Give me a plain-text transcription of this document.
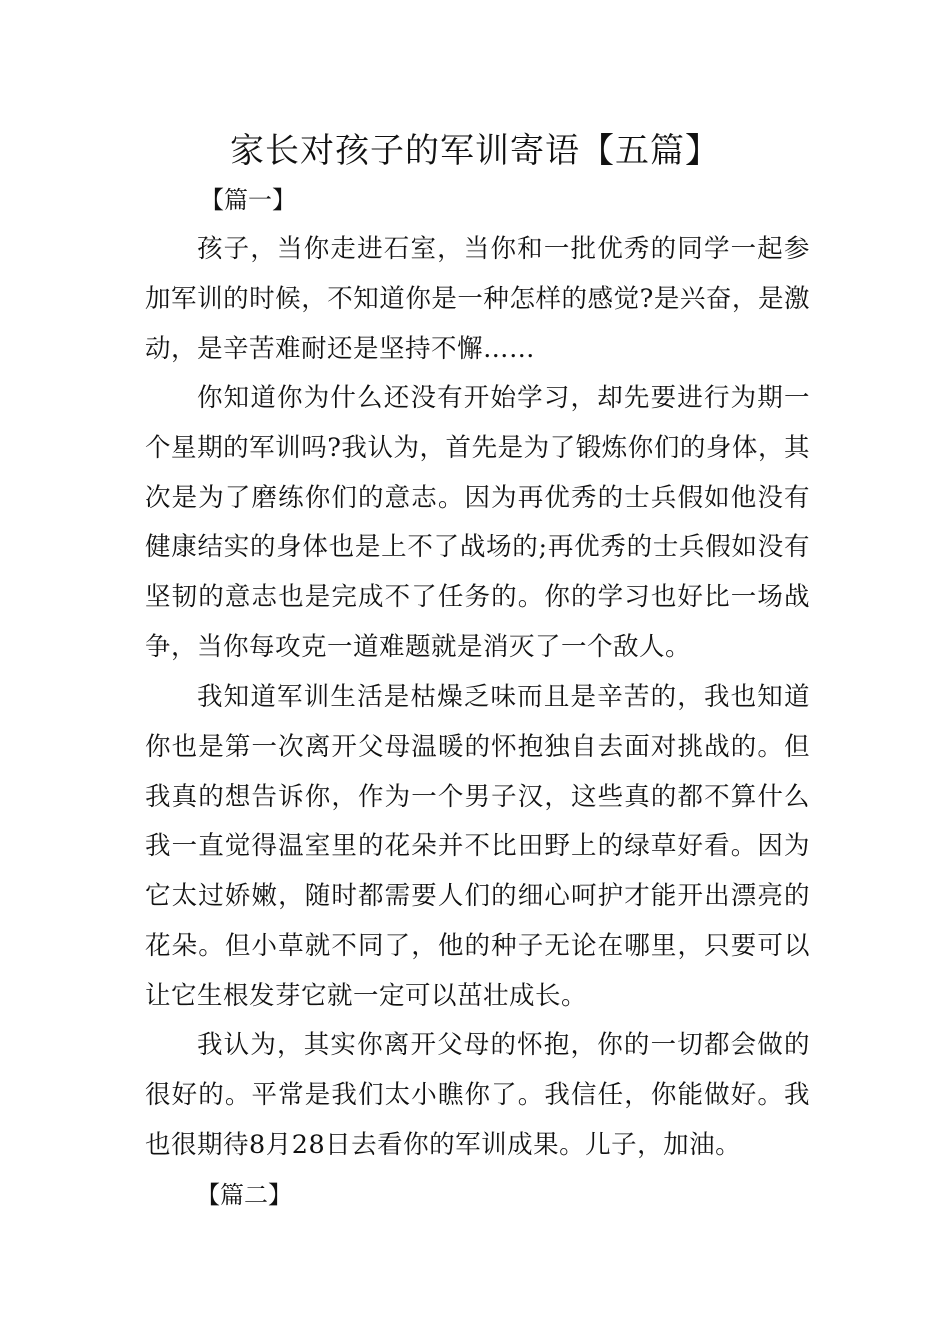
家长对孩子的军训寄语【五篇】
【篇一】

孩子，当你走进石室，当你和一批优秀的同学一起参加军训的时候，不知道你是一种怎样的感觉?是兴奋，是激动，是辛苦难耐还是坚持不懈……

你知道你为什么还没有开始学习，却先要进行为期一个星期的军训吗?我认为，首先是为了锻炼你们的身体，其次是为了磨练你们的意志。因为再优秀的士兵假如他没有健康结实的身体也是上不了战场的;再优秀的士兵假如没有坚韧的意志也是完成不了任务的。你的学习也好比一场战争，当你每攻克一道难题就是消灭了一个敌人。

我知道军训生活是枯燥乏味而且是辛苦的，我也知道你也是第一次离开父母温暖的怀抱独自去面对挑战的。但我真的想告诉你，作为一个男子汉，这些真的都不算什么我一直觉得温室里的花朵并不比田野上的绿草好看。因为它太过娇嫩，随时都需要人们的细心呵护才能开出漂亮的花朵。但小草就不同了，他的种子无论在哪里，只要可以让它生根发芽它就一定可以茁壮成长。

我认为，其实你离开父母的怀抱，你的一切都会做的很好的。平常是我们太小瞧你了。我信任，你能做好。我也很期待8月28日去看你的军训成果。儿子，加油。

【篇二】
